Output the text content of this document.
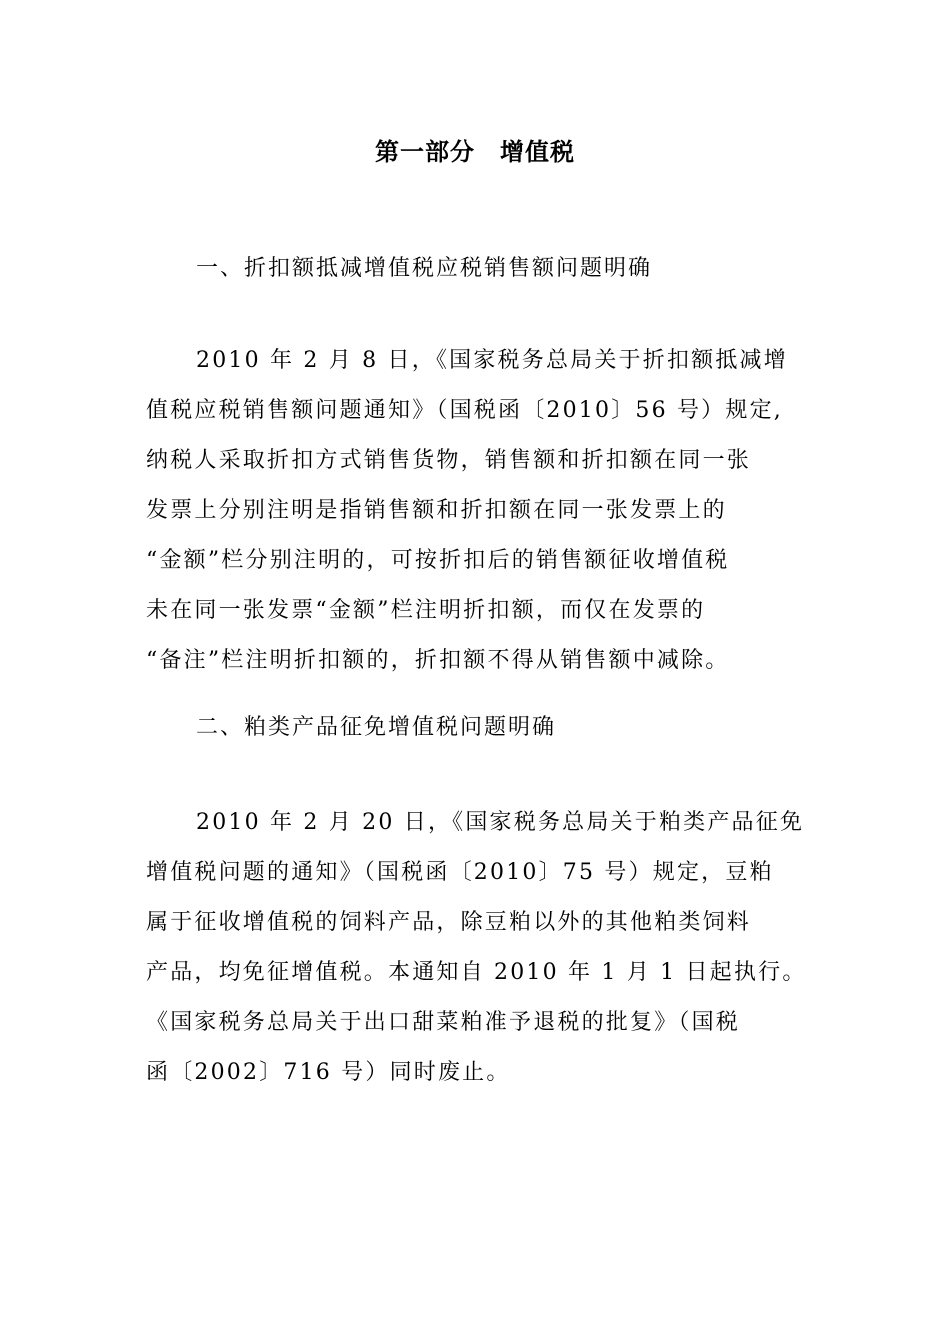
第一部分　增值税
一、折扣额抵减增值税应税销售额问题明确
2010 年 2 月 8 日，《国家税务总局关于折扣额抵减增
值税应税销售额问题通知》（国税函〔2010〕56 号）规定,
纳税人采取折扣方式销售货物，销售额和折扣额在同一张
发票上分别注明是指销售额和折扣额在同一张发票上的
“金额”栏分别注明的，可按折扣后的销售额征收增值税
未在同一张发票“金额”栏注明折扣额，而仅在发票的
“备注”栏注明折扣额的，折扣额不得从销售额中减除。
二、粕类产品征免增值税问题明确
2010 年 2 月 20 日，《国家税务总局关于粕类产品征免
增值税问题的通知》（国税函〔2010〕75 号）规定，豆粕
属于征收增值税的饲料产品，除豆粕以外的其他粕类饲料
产品，均免征增值税。本通知自 2010 年 1 月 1 日起执行。
《国家税务总局关于出口甜菜粕准予退税的批复》（国税
函〔2002〕716 号）同时废止。
